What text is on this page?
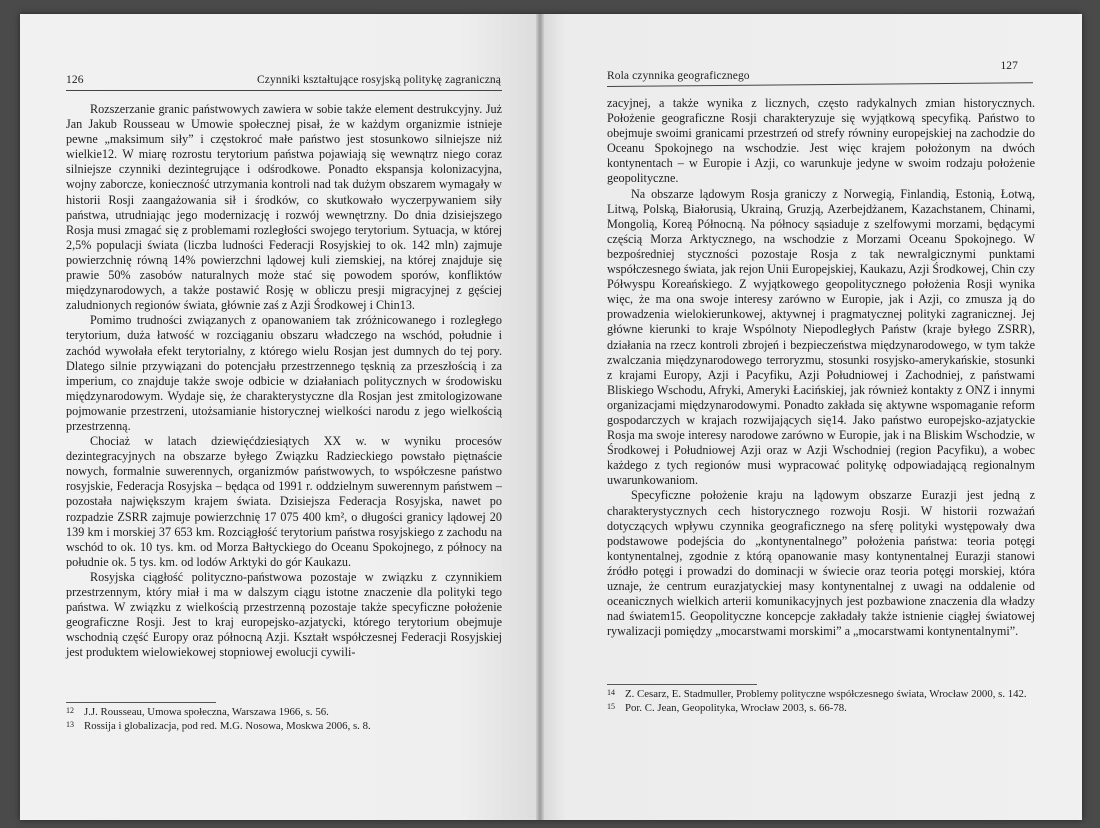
126	Czynniki kształtujące rosyjską politykę zagraniczną

Rozszerzanie granic państwowych zawiera w sobie także element destrukcyjny. Już Jan Jakub Rousseau w Umowie społecznej pisał, że w każdym organizmie istnieje pewne „maksimum siły” i częstokroć małe państwo jest stosunkowo silniejsze niż wielkie12. W miarę rozrostu terytorium państwa pojawiają się wewnątrz niego coraz silniejsze czynniki dezintegrujące i odśrodkowe. Ponadto ekspansja kolonizacyjna, wojny zaborcze, konieczność utrzymania kontroli nad tak dużym obszarem wymagały w historii Rosji zaangażowania sił i środków, co skutkowało wyczerpywaniem siły państwa, utrudniając jego modernizację i rozwój wewnętrzny. Do dnia dzisiejszego Rosja musi zmagać się z problemami rozległości swojego terytorium. Sytuacja, w której 2,5% populacji świata (liczba ludności Federacji Rosyjskiej to ok. 142 mln) zajmuje powierzchnię równą 14% powierzchni lądowej kuli ziemskiej, na której znajduje się prawie 50% zasobów naturalnych może stać się powodem sporów, konfliktów międzynarodowych, a także postawić Rosję w obliczu presji migracyjnej z gęściej zaludnionych regionów świata, głównie zaś z Azji Środkowej i Chin13.

Pomimo trudności związanych z opanowaniem tak zróżnicowanego i rozległego terytorium, duża łatwość w rozciąganiu obszaru władczego na wschód, południe i zachód wywołała efekt terytorialny, z którego wielu Rosjan jest dumnych do tej pory. Dlatego silnie przywiązani do potencjału przestrzennego tęsknią za przeszłością i za imperium, co znajduje także swoje odbicie w działaniach politycznych w środowisku międzynarodowym. Wydaje się, że charakterystyczne dla Rosjan jest zmitologizowane pojmowanie przestrzeni, utożsamianie historycznej wielkości narodu z jego wielkością przestrzenną.

Chociaż w latach dziewięćdziesiątych XX w. w wyniku procesów dezintegracyjnych na obszarze byłego Związku Radzieckiego powstało piętnaście nowych, formalnie suwerennych, organizmów państwowych, to współczesne państwo rosyjskie, Federacja Rosyjska – będąca od 1991 r. oddzielnym suwerennym państwem – pozostała największym krajem świata. Dzisiejsza Federacja Rosyjska, nawet po rozpadzie ZSRR zajmuje powierzchnię 17 075 400 km², o długości granicy lądowej 20 139 km i morskiej 37 653 km. Rozciągłość terytorium państwa rosyjskiego z zachodu na wschód to ok. 10 tys. km. od Morza Bałtyckiego do Oceanu Spokojnego, z północy na południe ok. 5 tys. km. od lodów Arktyki do gór Kaukazu.

Rosyjska ciągłość polityczno-państwowa pozostaje w związku z czynnikiem przestrzennym, który miał i ma w dalszym ciągu istotne znaczenie dla polityki tego państwa. W związku z wielkością przestrzenną pozostaje także specyficzne położenie geograficzne Rosji. Jest to kraj europejsko-azjatycki, którego terytorium obejmuje wschodnią część Europy oraz północną Azji. Kształt współczesnej Federacji Rosyjskiej jest produktem wielowiekowej stopniowej ewolucji cywili-

12 J.J. Rousseau, Umowa społeczna, Warszawa 1966, s. 56.
13 Rossija i globalizacja, pod red. M.G. Nosowa, Moskwa 2006, s. 8.
Rola czynnika geograficznego
127

zacyjnej, a także wynika z licznych, często radykalnych zmian historycznych. Położenie geograficzne Rosji charakteryzuje się wyjątkową specyfiką. Państwo to obejmuje swoimi granicami przestrzeń od strefy równiny europejskiej na zachodzie do Oceanu Spokojnego na wschodzie. Jest więc krajem położonym na dwóch kontynentach – w Europie i Azji, co warunkuje jedyne w swoim rodzaju położenie geopolityczne.

Na obszarze lądowym Rosja graniczy z Norwegią, Finlandią, Estonią, Łotwą, Litwą, Polską, Białorusią, Ukrainą, Gruzją, Azerbejdżanem, Kazachstanem, Chinami, Mongolią, Koreą Północną. Na północy sąsiaduje z szelfowymi morzami, będącymi częścią Morza Arktycznego, na wschodzie z Morzami Oceanu Spokojnego. W bezpośredniej styczności pozostaje Rosja z tak newralgicznymi punktami współczesnego świata, jak rejon Unii Europejskiej, Kaukazu, Azji Środkowej, Chin czy Półwyspu Koreańskiego. Z wyjątkowego geopolitycznego położenia Rosji wynika więc, że ma ona swoje interesy zarówno w Europie, jak i Azji, co zmusza ją do prowadzenia wielokierunkowej, aktywnej i pragmatycznej polityki zagranicznej. Jej główne kierunki to kraje Wspólnoty Niepodległych Państw (kraje byłego ZSRR), działania na rzecz kontroli zbrojeń i bezpieczeństwa międzynarodowego, w tym także zwalczania międzynarodowego terroryzmu, stosunki rosyjsko-amerykańskie, stosunki z krajami Europy, Azji i Pacyfiku, Azji Południowej i Zachodniej, z państwami Bliskiego Wschodu, Afryki, Ameryki Łacińskiej, jak również kontakty z ONZ i innymi organizacjami międzynarodowymi. Ponadto zakłada się aktywne wspomaganie reform gospodarczych w krajach rozwijających się14. Jako państwo europejsko-azjatyckie Rosja ma swoje interesy narodowe zarówno w Europie, jak i na Bliskim Wschodzie, w Środkowej i Południowej Azji oraz w Azji Wschodniej (region Pacyfiku), a wobec każdego z tych regionów musi wypracować politykę odpowiadającą regionalnym uwarunkowaniom.

Specyficzne położenie kraju na lądowym obszarze Eurazji jest jedną z charakterystycznych cech historycznego rozwoju Rosji. W historii rozważań dotyczących wpływu czynnika geograficznego na sferę polityki występowały dwa podstawowe podejścia do „kontynentalnego” położenia państwa: teoria potęgi kontynentalnej, zgodnie z którą opanowanie masy kontynentalnej Eurazji stanowi źródło potęgi i prowadzi do dominacji w świecie oraz teoria potęgi morskiej, która uznaje, że centrum eurazjatyckiej masy kontynentalnej z uwagi na oddalenie od oceanicznych wielkich arterii komunikacyjnych jest pozbawione znaczenia dla władzy nad światem15. Geopolityczne koncepcje zakładały także istnienie ciągłej światowej rywalizacji pomiędzy „mocarstwami morskimi” a „mocarstwami kontynentalnymi”.

14 Z. Cesarz, E. Stadmuller, Problemy polityczne współczesnego świata, Wrocław 2000, s. 142.
15 Por. C. Jean, Geopolityka, Wrocław 2003, s. 66-78.
